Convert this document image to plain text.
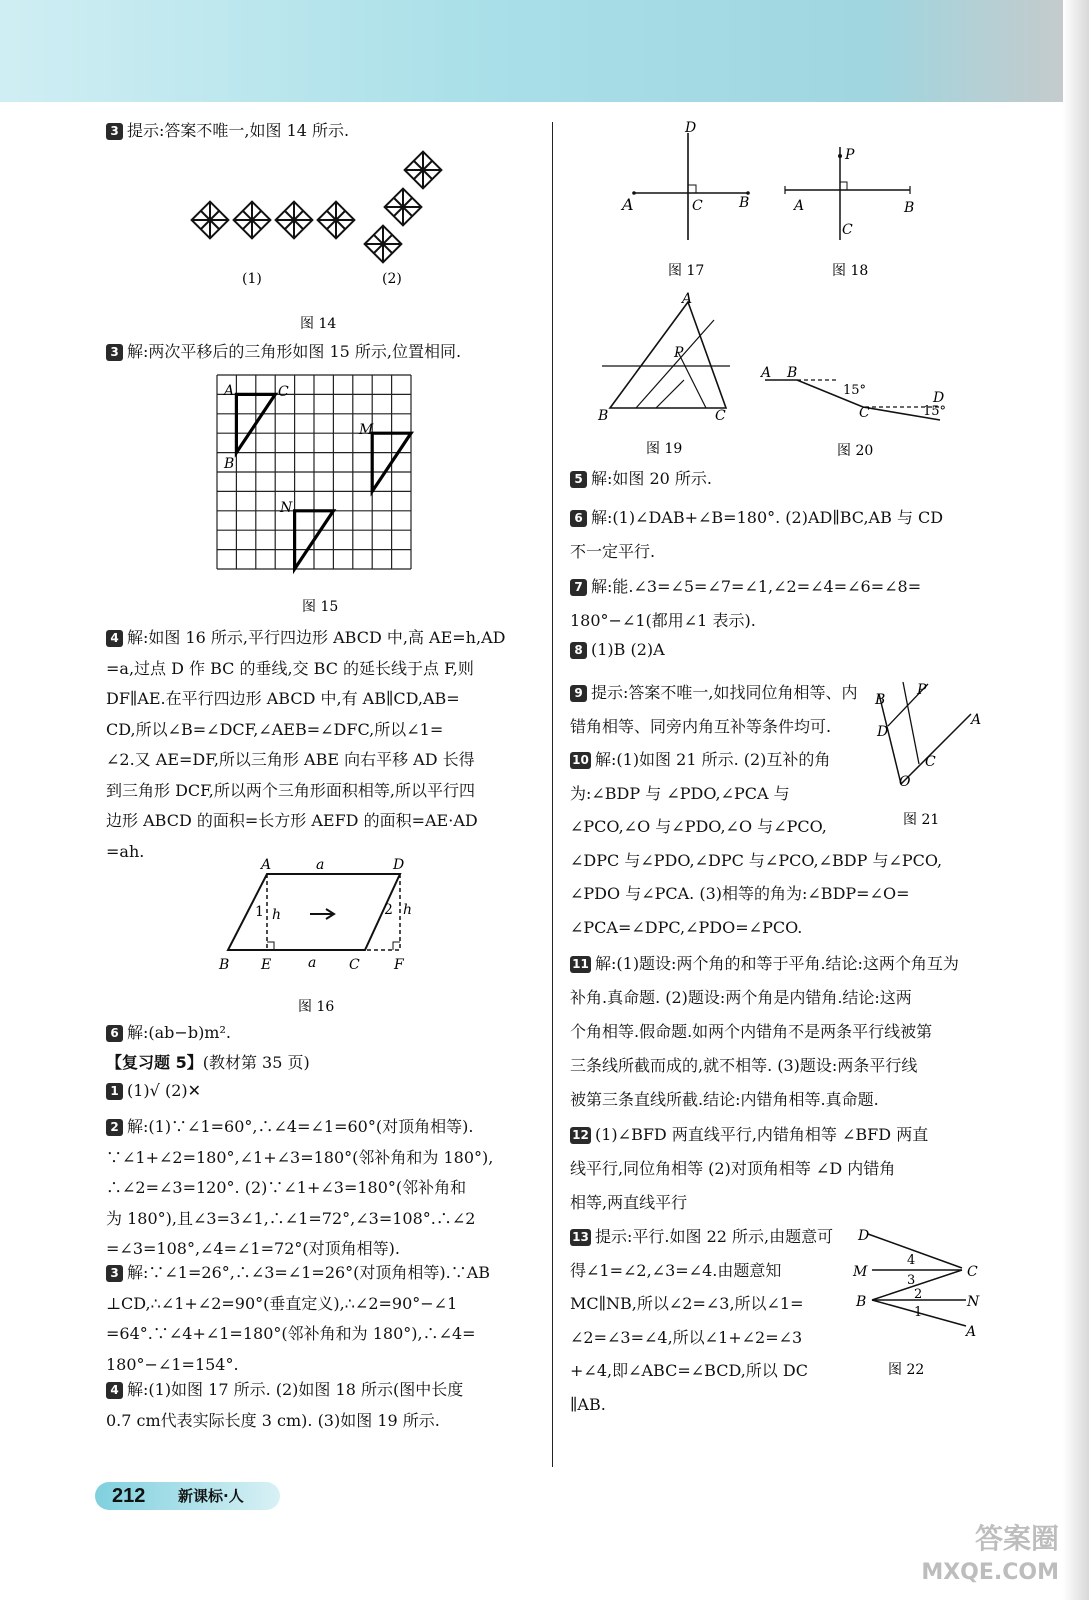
3 提示:答案不唯一,如图 14 所示.
(1)	(2)
图 14
3 解:两次平移后的三角形如图 15 所示,位置相同.
A	C
B
M
N
图 15
4 解:如图 16 所示,平行四边形 ABCD 中,高 AE=h,AD
=a,过点 D 作 BC 的垂线,交 BC 的延长线于点 F,则
DF∥AE.在平行四边形 ABCD 中,有 AB∥CD,AB=
CD,所以∠B=∠DCF,∠AEB=∠DFC,所以∠1=
∠2.又 AE=DF,所以三角形 ABE 向右平移 AD 长得
到三角形 DCF,所以两个三角形面积相等,所以平行四
边形 ABCD 的面积=长方形 AEFD 的面积=AE·AD
=ah.
A	a	D
1 h	2 h
B E	a C F
图 16
6 解:(ab−b)m².
【复习题 5】(教材第 35 页)
1 (1)√ (2)✕
2 解:(1)∵∠1=60°,∴∠4=∠1=60°(对顶角相等).
∵∠1+∠2=180°,∠1+∠3=180°(邻补角和为 180°),
∴∠2=∠3=120°. (2)∵∠1+∠3=180°(邻补角和
为 180°),且∠3=3∠1,∴∠1=72°,∠3=108°.∴∠2
=∠3=108°,∠4=∠1=72°(对顶角相等).
3 解:∵∠1=26°,∴∠3=∠1=26°(对顶角相等).∵AB
⊥CD,∴∠1+∠2=90°(垂直定义),∴∠2=90°−∠1
=64°.∵∠4+∠1=180°(邻补角和为 180°),∴∠4=
180°−∠1=154°.
4 解:(1)如图 17 所示. (2)如图 18 所示(图中长度
0.7 cm代表实际长度 3 cm). (3)如图 19 所示.
D
A	C	B
图 17
P
A	B
C
图 18
A
P
B	C
图 19
A B
15°	D
C	15°
图 20
5 解:如图 20 所示.
6 解:(1)∠DAB+∠B=180°. (2)AD∥BC,AB 与 CD
不一定平行.
7 解:能.∠3=∠5=∠7=∠1,∠2=∠4=∠6=∠8=
180°−∠1(都用∠1 表示).
8 (1)B (2)A
9 提示:答案不唯一,如找同位角相等、内
错角相等、同旁内角互补等条件均可.
B
P
D
A
C
O
图 21
10 解:(1)如图 21 所示. (2)互补的角
为:∠BDP 与 ∠PDO,∠PCA 与
∠PCO,∠O 与∠PDO,∠O 与∠PCO,
∠DPC 与∠PDO,∠DPC 与∠PCO,∠BDP 与∠PCO,
∠PDO 与∠PCA. (3)相等的角为:∠BDP=∠O=
∠PCA=∠DPC,∠PDO=∠PCO.
11 解:(1)题设:两个角的和等于平角.结论:这两个角互为
补角.真命题. (2)题设:两个角是内错角.结论:这两
个角相等.假命题.如两个内错角不是两条平行线被第
三条线所截而成的,就不相等. (3)题设:两条平行线
被第三条直线所截.结论:内错角相等.真命题.
12 (1)∠BFD 两直线平行,内错角相等 ∠BFD 两直
线平行,同位角相等 (2)对顶角相等 ∠D 内错角
相等,两直线平行
13 提示:平行.如图 22 所示,由题意可
得∠1=∠2,∠3=∠4.由题意知
MC∥NB,所以∠2=∠3,所以∠1=
∠2=∠3=∠4,所以∠1+∠2=∠3
+∠4,即∠ABC=∠BCD,所以 DC
∥AB.
D
M
4
3
C
2
B
1
N
A
图 22
212 新课标·人
答案圈
MXQE.COM
